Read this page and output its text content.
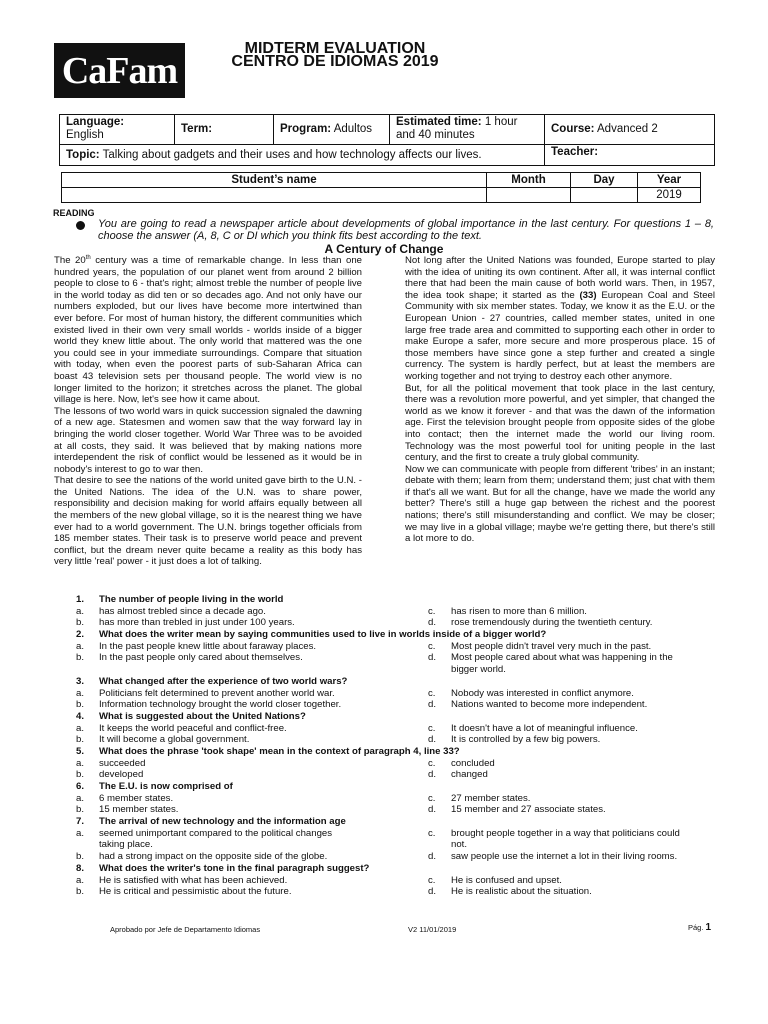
CaFam
MIDTERM EVALUATION
CENTRO DE IDIOMAS 2019
Language:
English	Term:	Program: Adultos	Estimated time: 1 hour and 40 minutes	Course: Advanced 2
Topic: Talking about gadgets and their uses and how technology affects our lives.				Teacher:
Student’s name	Month	Day	Year
			2019
READING
You are going to read a newspaper article about developments of global importance in the last century. For questions 1 – 8, choose the answer (A, 8, C or DI which you think fits best according to the text.
A Century of Change

The 20th century was a time of remarkable change. In less than one hundred years, the population of our planet went from around 2 billion people to close to 6 - that's right; almost treble the number of people live in the world today as did ten or so decades ago. And not only have our numbers exploded, but our lives have become more intertwined than ever before. For most of human history, the different communities which existed lived in their own very small worlds - worlds inside of a bigger world they knew little about. The only world that mattered was the one you could see in your immediate surroundings. Compare that situation with today, when even the poorest parts of sub-Saharan Africa can boast 43 television sets per thousand people. The world view is no longer limited to the horizon; it stretches across the planet. The global village is here. Now, let's see how it came about.

The lessons of two world wars in quick succession signaled the dawning of a new age. Statesmen and women saw that the way forward lay in bringing the world closer together. World War Three was to be avoided at all costs, they said. It was believed that by making nations more interdependent the risk of conflict would be lessened as it would be in nobody's interest to go to war then.

That desire to see the nations of the world united gave birth to the U.N. - the United Nations. The idea of the U.N. was to share power, responsibility and decision making for world affairs equally between all the members of the new global village, so it is the nearest thing we have ever had to a world government. The U.N. brings together officials from 185 member states. Their task is to preserve world peace and prevent conflict, but the dream never quite became a reality as this body has very little 'real' power - it just does a lot of talking.

Not long after the United Nations was founded, Europe started to play with the idea of uniting its own continent. After all, it was internal conflict there that had been the main cause of both world wars. Then, in 1957, the idea took shape; it started as the (33) European Coal and Steel Community with six member states. Today, we know it as the E.U. or the European Union - 27 countries, called member states, united in one large free trade area and committed to supporting each other in order to make Europe a safer, more secure and more prosperous place. 15 of those members have since gone a step further and created a single currency. The system is hardly perfect, but at least the members are working together and not trying to destroy each other anymore.

But, for all the political movement that took place in the last century, there was a revolution more powerful, and yet simpler, that changed the world as we know it forever - and that was the dawn of the information age. First the television brought people from opposite sides of the globe into contact; then the internet made the world our living room. Technology was the most powerful tool for uniting people in the last century, and the first to create a truly global community.

Now we can communicate with people from different 'tribes' in an instant; debate with them; learn from them; understand them; just chat with them if that's all we want. But for all the change, have we made the world any better? There's still a huge gap between the richest and the poorest nations; there's still misunderstanding and conflict. We may be closer; we may live in a global village; maybe we're getting there, but there's still a lot more to do.

1. The number of people living in the world
a. has almost trebled since a decade ago.	c. has risen to more than 6 million.
b. has more than trebled in just under 100 years.	d. rose tremendously during the twentieth century.
2. What does the writer mean by saying communities used to live in worlds inside of a bigger world?
a. In the past people knew little about faraway places.	c. Most people didn't travel very much in the past.
b. In the past people only cared about themselves.	d. Most people cared about what was happening in the bigger world.
3. What changed after the experience of two world wars?
a. Politicians felt determined to prevent another world war.	c. Nobody was interested in conflict anymore.
b. Information technology brought the world closer together.	d. Nations wanted to become more independent.
4. What is suggested about the United Nations?
a. It keeps the world peaceful and conflict-free.	c. It doesn't have a lot of meaningful influence.
b. It will become a global government.	d. It is controlled by a few big powers.
5. What does the phrase 'took shape' mean in the context of paragraph 4, line 33?
a. succeeded	c. concluded
b. developed	d. changed
6. The E.U. is now comprised of
a. 6 member states.	c. 27 member states.
b. 15 member states.	d. 15 member and 27 associate states.
7. The arrival of new technology and the information age
a. seemed unimportant compared to the political changes	c. brought people together in a way that politicians could
taking place.	not.
b. had a strong impact on the opposite side of the globe.	d. saw people use the internet a lot in their living rooms.
8. What does the writer's tone in the final paragraph suggest?
a. He is satisfied with what has been achieved.	c. He is confused and upset.
b. He is critical and pessimistic about the future.	d. He is realistic about the situation.
Aprobado por Jefe de Departamento Idiomas	V2 11/01/2019	Pág. 1
